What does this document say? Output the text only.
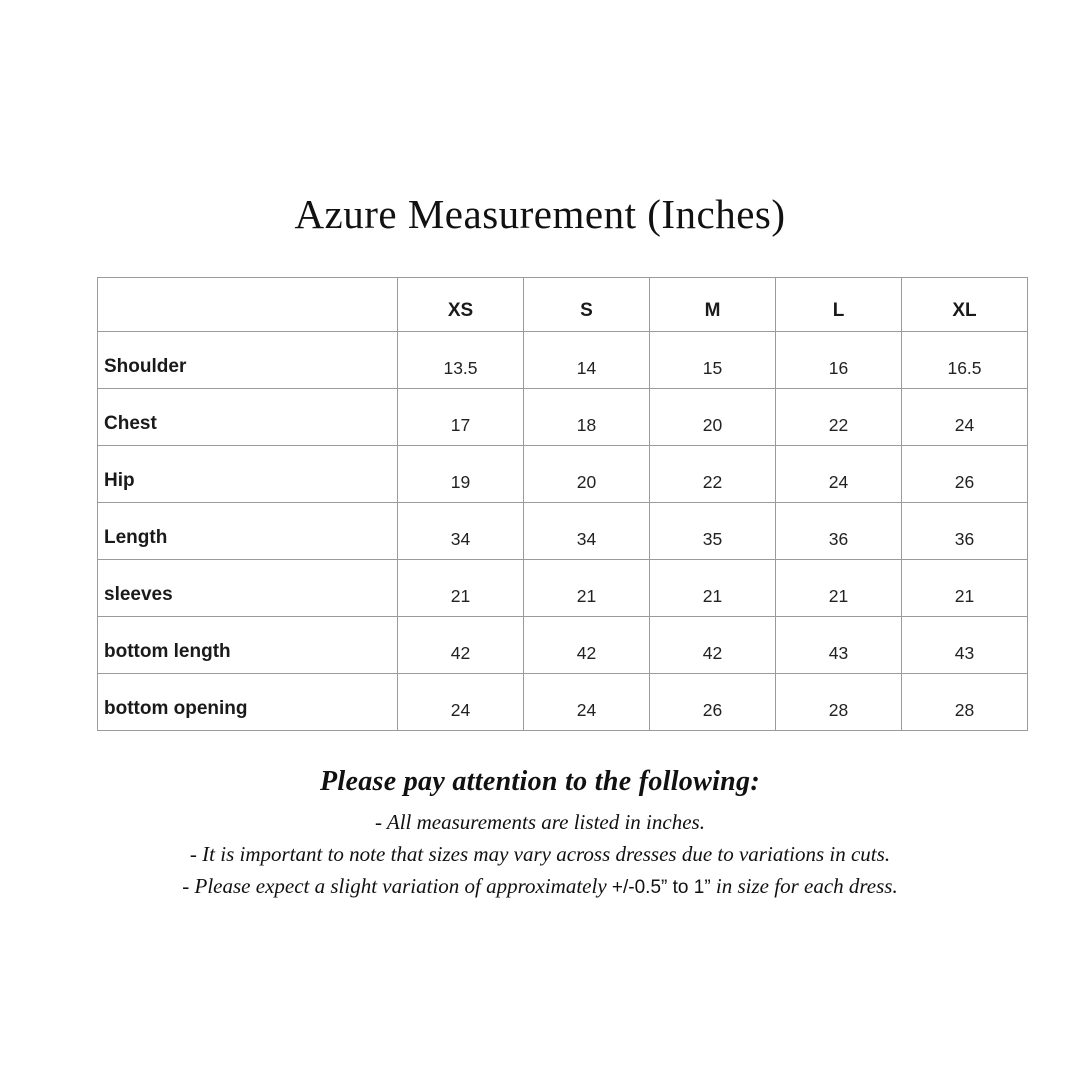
Azure Measurement (Inches)
	XS	S	M	L	XL
Shoulder	13.5	14	15	16	16.5
Chest	17	18	20	22	24
Hip	19	20	22	24	26
Length	34	34	35	36	36
sleeves	21	21	21	21	21
bottom length	42	42	42	43	43
bottom opening	24	24	26	28	28
Please pay attention to the following:
- All measurements are listed in inches.
- It is important to note that sizes may vary across dresses due to variations in cuts.
- Please expect a slight variation of approximately +/-0.5” to 1” in size for each dress.
